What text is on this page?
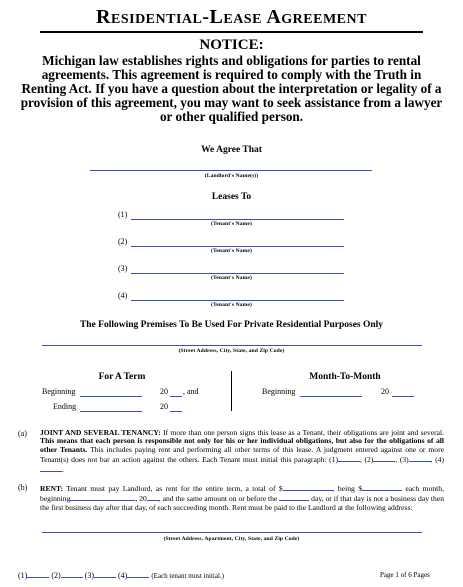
Residential-Lease Agreement
NOTICE:
Michigan law establishes rights and obligations for parties to rental agreements. This agreement is required to comply with the Truth in Renting Act. If you have a question about the interpretation or legality of a provision of this agreement, you may want to seek assistance from a lawyer or other qualified person.
We Agree That
(Landlord's Name(s))
Leases To
(1)
(Tenant's Name)
(2)
(Tenant's Name)
(3)
(Tenant's Name)
(4)
(Tenant's Name)
The Following Premises To Be Used For Private Residential Purposes Only
(Street Address, City, State, and Zip Code)
For A Term	Month-To-Month
Beginning	20 , and
Ending	20
Beginning	20
(a) JOINT AND SEVERAL TENANCY: If more than one person signs this lease as a Tenant, their obligations are joint and several. This means that each person is responsible not only for his or her individual obligations, but also for the obligations of all other Tenants. This includes paying rent and performing all other terms of this lease. A judgment entered against one or more Tenant(s) does not bar an action against the others. Each Tenant must initial this paragraph: (1)	, (2)	, (3)	, (4).
(b) RENT: Tenant must pay Landlord, as rent for the entire term, a total of $	, being $	each month, beginning	, 20 , and the same amount on or before the	day, or if that day is not a business day then the first business day after that day, of each succeeding month. Rent must be paid to the Landlord at the following address:
(Street Address, Apartment, City, State, and Zip Code)
(1)	(2)	(3)	(4)	(Each tenant must initial.)	Page 1 of 6 Pages
